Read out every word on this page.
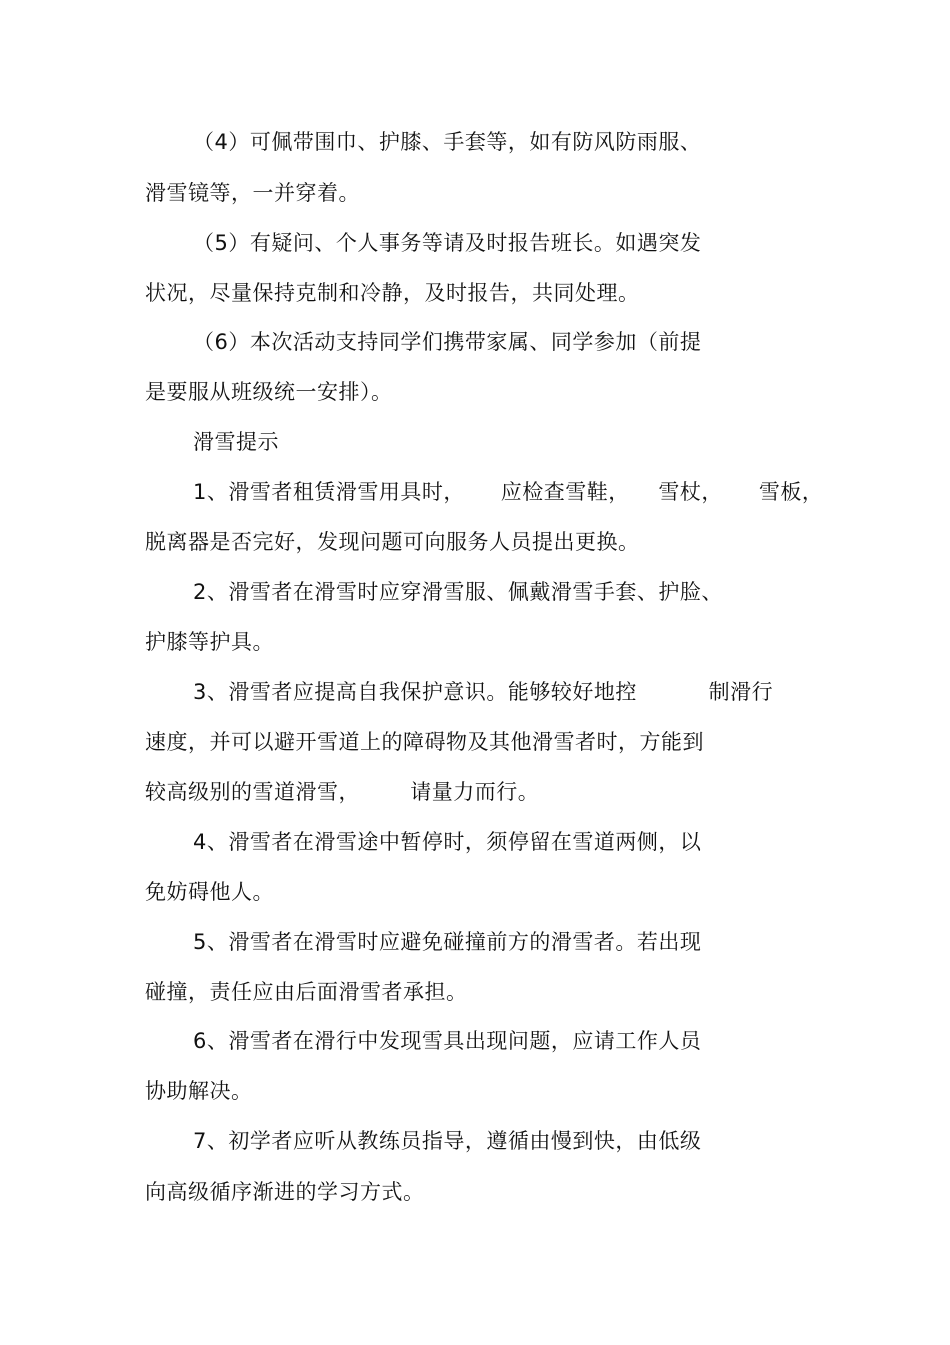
（4）可佩带围巾、护膝、手套等，如有防风防雨服、
滑雪镜等，一并穿着。
（5）有疑问、个人事务等请及时报告班长。如遇突发
状况，尽量保持克制和冷静，及时报告，共同处理。
（6）本次活动支持同学们携带家属、同学参加（前提
是要服从班级统一安排）。
滑雪提示
1、滑雪者租赁滑雪用具时，     应检查雪鞋，    雪杖，     雪板，
脱离器是否完好，发现问题可向服务人员提出更换。
2、滑雪者在滑雪时应穿滑雪服、佩戴滑雪手套、护脸、
护膝等护具。
3、滑雪者应提高自我保护意识。能够较好地控          制滑行
速度，并可以避开雪道上的障碍物及其他滑雪者时，方能到
较高级别的雪道滑雪，       请量力而行。
4、滑雪者在滑雪途中暂停时，须停留在雪道两侧，以
免妨碍他人。
5、滑雪者在滑雪时应避免碰撞前方的滑雪者。若出现
碰撞，责任应由后面滑雪者承担。
6、滑雪者在滑行中发现雪具出现问题，应请工作人员
协助解决。
7、初学者应听从教练员指导，遵循由慢到快，由低级
向高级循序渐进的学习方式。
